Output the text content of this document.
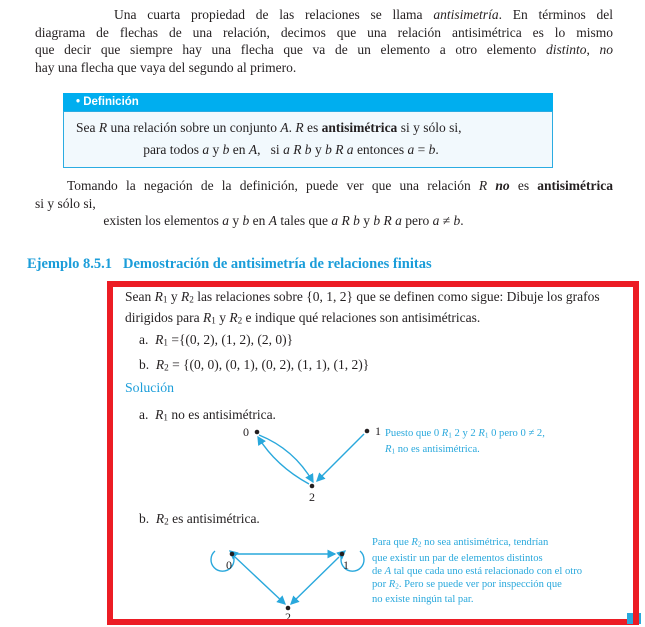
Una cuarta propiedad de las relaciones se llama antisimetría. En términos del
diagrama de flechas de una relación, decimos que una relación antisimétrica es lo mismo
que decir que siempre hay una flecha que va de un elemento a otro elemento distinto, no
hay una flecha que vaya del segundo al primero.
• Definición
Sea R una relación sobre un conjunto A. R es antisimétrica si y sólo si,
para todos a y b en A,   si a R b y b R a entonces a = b.
Tomando la negación de la definición, puede ver que una relación R no es antisimétrica
si y sólo si,
existen los elementos a y b en A tales que a R b y b R a pero a ≠ b.
Ejemplo 8.5.1 Demostración de antisimetría de relaciones finitas
Sean R1 y R2 las relaciones sobre {0, 1, 2} que se definen como sigue: Dibuje los grafos
dirigidos para R1 y R2 e indique qué relaciones son antisimétricas.
a.  R1 ={(0, 2), (1, 2), (2, 0)}
b.  R2 = {(0, 0), (0, 1), (0, 2), (1, 1), (1, 2)}
Solución
a.  R1 no es antisimétrica.
0	1
2
Puesto que 0 R1 2 y 2 R1 0 pero 0 ≠ 2,
R1 no es antisimétrica.
b.  R2 es antisimétrica.
0	1
2
Para que R2 no sea antisimétrica, tendrían
que existir un par de elementos distintos
de A tal que cada uno está relacionado con el otro
por R2. Pero se puede ver por inspección que
no existe ningún tal par.
